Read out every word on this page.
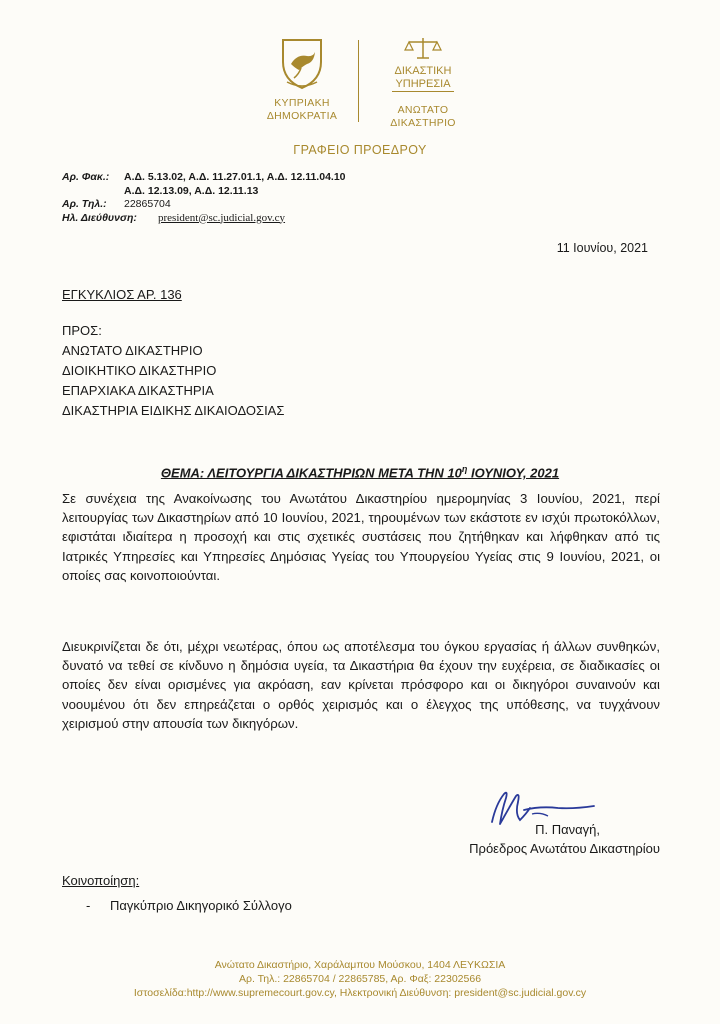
ΚΥΠΡΙΑΚΗ
ΔΗΜΟΚΡΑΤΙΑ
ΔΙΚΑΣΤΙΚΗ
ΥΠΗΡΕΣΙΑ
ΑΝΩΤΑΤΟ
ΔΙΚΑΣΤΗΡΙΟ
ΓΡΑΦΕΙΟ ΠΡΟΕΔΡΟΥ
Αρ. Φακ.:	Α.Δ. 5.13.02, Α.Δ. 11.27.01.1, Α.Δ. 12.11.04.10
Α.Δ. 12.13.09, Α.Δ. 12.11.13
Αρ. Τηλ.:	22865704
Ηλ. Διεύθυνση:	president@sc.judicial.gov.cy
11 Ιουνίου, 2021
ΕΓΚΥΚΛΙΟΣ ΑΡ. 136
ΠΡΟΣ:
ΑΝΩΤΑΤΟ ΔΙΚΑΣΤΗΡΙΟ
ΔΙΟΙΚΗΤΙΚΟ ΔΙΚΑΣΤΗΡΙΟ
ΕΠΑΡΧΙΑΚΑ ΔΙΚΑΣΤΗΡΙΑ
ΔΙΚΑΣΤΗΡΙΑ ΕΙΔΙΚΗΣ ΔΙΚΑΙΟΔΟΣΙΑΣ
ΘΕΜΑ: ΛΕΙΤΟΥΡΓΙΑ ΔΙΚΑΣΤΗΡΙΩΝ ΜΕΤΑ ΤΗΝ $10^\eta$ ΙΟΥΝΙΟΥ, 2021
Σε συνέχεια της Ανακοίνωσης του Ανωτάτου Δικαστηρίου ημερομηνίας 3 Ιουνίου, 2021, περί λειτουργίας των Δικαστηρίων από 10 Ιουνίου, 2021, τηρουμένων των εκάστοτε εν ισχύι πρωτοκόλλων, εφιστάται ιδιαίτερα η προσοχή και στις σχετικές συστάσεις που ζητήθηκαν και λήφθηκαν από τις Ιατρικές Υπηρεσίες και Υπηρεσίες Δημόσιας Υγείας του Υπουργείου Υγείας στις 9 Ιουνίου, 2021, οι οποίες σας κοινοποιούνται.
Διευκρινίζεται δε ότι, μέχρι νεωτέρας, όπου ως αποτέλεσμα του όγκου εργασίας ή άλλων συνθηκών, δυνατό να τεθεί σε κίνδυνο η δημόσια υγεία, τα Δικαστήρια θα έχουν την ευχέρεια, σε διαδικασίες οι οποίες δεν είναι ορισμένες για ακρόαση, εαν κρίνεται πρόσφορο και οι δικηγόροι συναινούν και νοουμένου ότι δεν επηρεάζεται ο ορθός χειρισμός και ο έλεγχος της υπόθεσης, να τυγχάνουν χειρισμού στην απουσία των δικηγόρων.
Π. Παναγή,
Πρόεδρος Ανωτάτου Δικαστηρίου
Κοινοποίηση:
- Παγκύπριο Δικηγορικό Σύλλογο
Ανώτατο Δικαστήριο, Χαράλαμπου Μούσκου, 1404 ΛΕΥΚΩΣΙΑ
Αρ. Τηλ.: 22865704 / 22865785, Αρ. Φαξ: 22302566
Ιστοσελίδα:http://www.supremecourt.gov.cy, Ηλεκτρονική Διεύθυνση: president@sc.judicial.gov.cy
